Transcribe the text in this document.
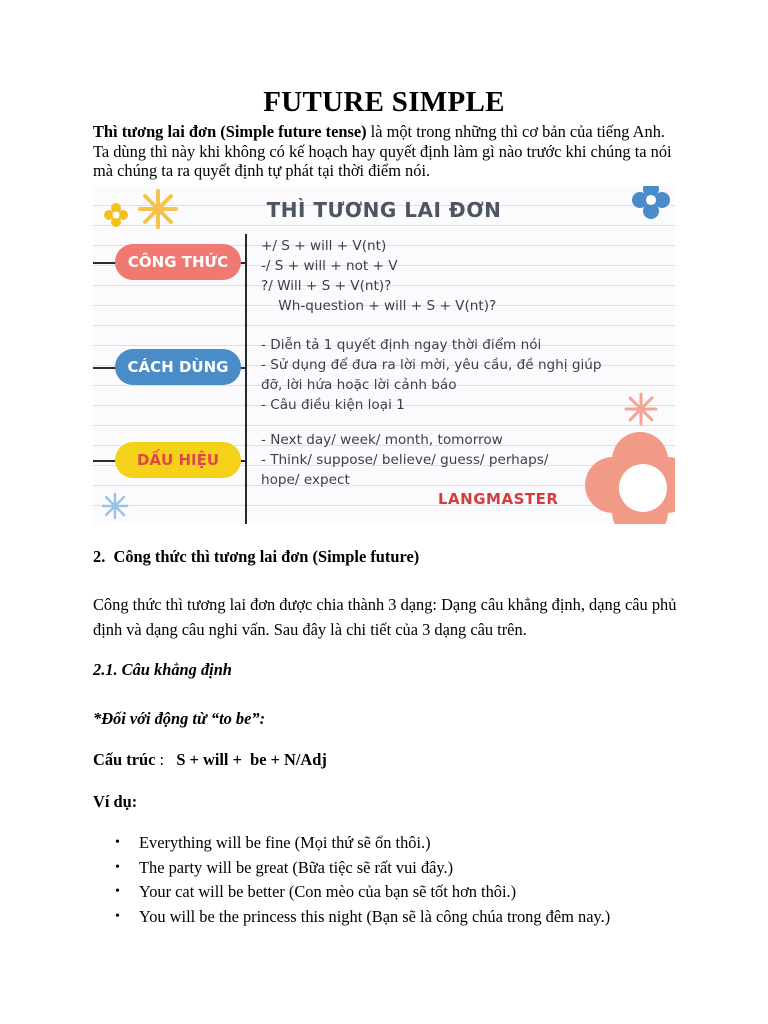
FUTURE SIMPLE
Thì tương lai đơn (Simple future tense) là một trong những thì cơ bản của tiếng Anh. Ta dùng thì này khi không có kế hoạch hay quyết định làm gì nào trước khi chúng ta nói mà chúng ta ra quyết định tự phát tại thời điểm nói.
THÌ TƯƠNG LAI ĐƠN
CÔNG THỨC
CÁCH DÙNG
DẤU HIỆU
+/ S + will + V(nt)
-/ S + will + not + V
?/ Will + S + V(nt)?
Wh-question + will + S + V(nt)?
- Diễn tả 1 quyết định ngay thời điểm nói
- Sử dụng để đưa ra lời mời, yêu cầu, đề nghị giúp
đỡ, lời hứa hoặc lời cảnh báo
- Câu điều kiện loại 1
- Next day/ week/ month, tomorrow
- Think/ suppose/ believe/ guess/ perhaps/
hope/ expect
LANGMASTER
2.  Công thức thì tương lai đơn (Simple future)
Công thức thì tương lai đơn được chia thành 3 dạng: Dạng câu khẳng định, dạng câu phủ định và dạng câu nghi vấn. Sau đây là chi tiết của 3 dạng câu trên.
2.1. Câu khẳng định
*Đối với động từ “to be”:
Cấu trúc :   S + will +  be + N/Adj
Ví dụ:
• Everything will be fine (Mọi thứ sẽ ổn thôi.)
• The party will be great (Bữa tiệc sẽ rất vui đây.)
• Your cat will be better (Con mèo của bạn sẽ tốt hơn thôi.)
• You will be the princess this night (Bạn sẽ là công chúa trong đêm nay.)
